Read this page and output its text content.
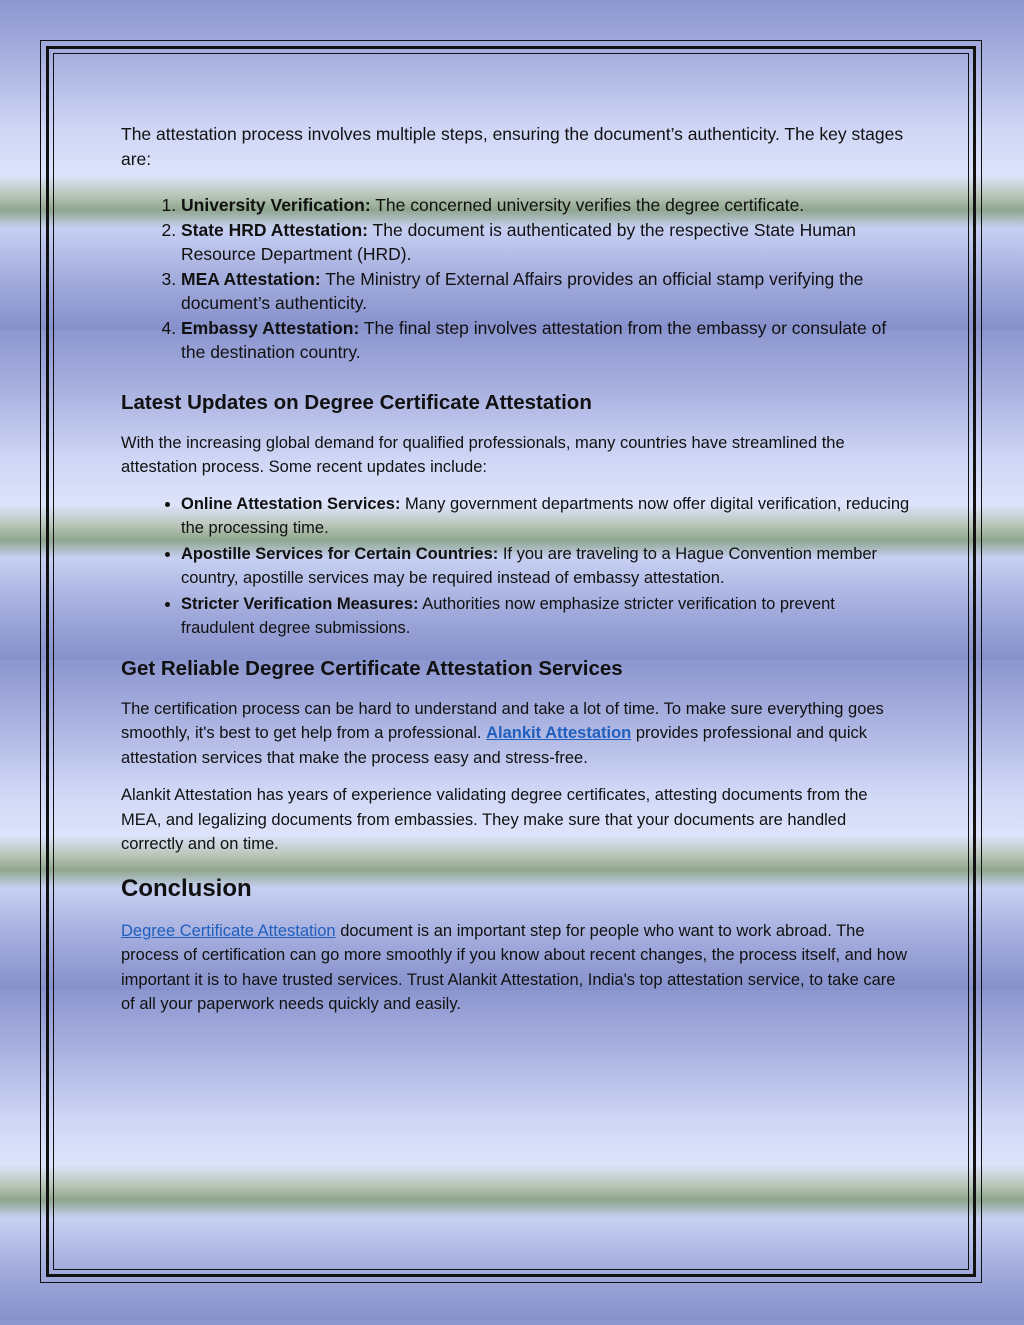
The attestation process involves multiple steps, ensuring the document’s authenticity. The key stages are:

1. University Verification: The concerned university verifies the degree certificate.
2. State HRD Attestation: The document is authenticated by the respective State Human Resource Department (HRD).
3. MEA Attestation: The Ministry of External Affairs provides an official stamp verifying the document’s authenticity.
4. Embassy Attestation: The final step involves attestation from the embassy or consulate of the destination country.
Latest Updates on Degree Certificate Attestation

With the increasing global demand for qualified professionals, many countries have streamlined the attestation process. Some recent updates include:

• Online Attestation Services: Many government departments now offer digital verification, reducing the processing time.
• Apostille Services for Certain Countries: If you are traveling to a Hague Convention member country, apostille services may be required instead of embassy attestation.
• Stricter Verification Measures: Authorities now emphasize stricter verification to prevent fraudulent degree submissions.
Get Reliable Degree Certificate Attestation Services

The certification process can be hard to understand and take a lot of time. To make sure everything goes smoothly, it's best to get help from a professional. Alankit Attestation provides professional and quick attestation services that make the process easy and stress-free.

Alankit Attestation has years of experience validating degree certificates, attesting documents from the MEA, and legalizing documents from embassies. They make sure that your documents are handled correctly and on time.

Conclusion

Degree Certificate Attestation document is an important step for people who want to work abroad. The process of certification can go more smoothly if you know about recent changes, the process itself, and how important it is to have trusted services. Trust Alankit Attestation, India's top attestation service, to take care of all your paperwork needs quickly and easily.
